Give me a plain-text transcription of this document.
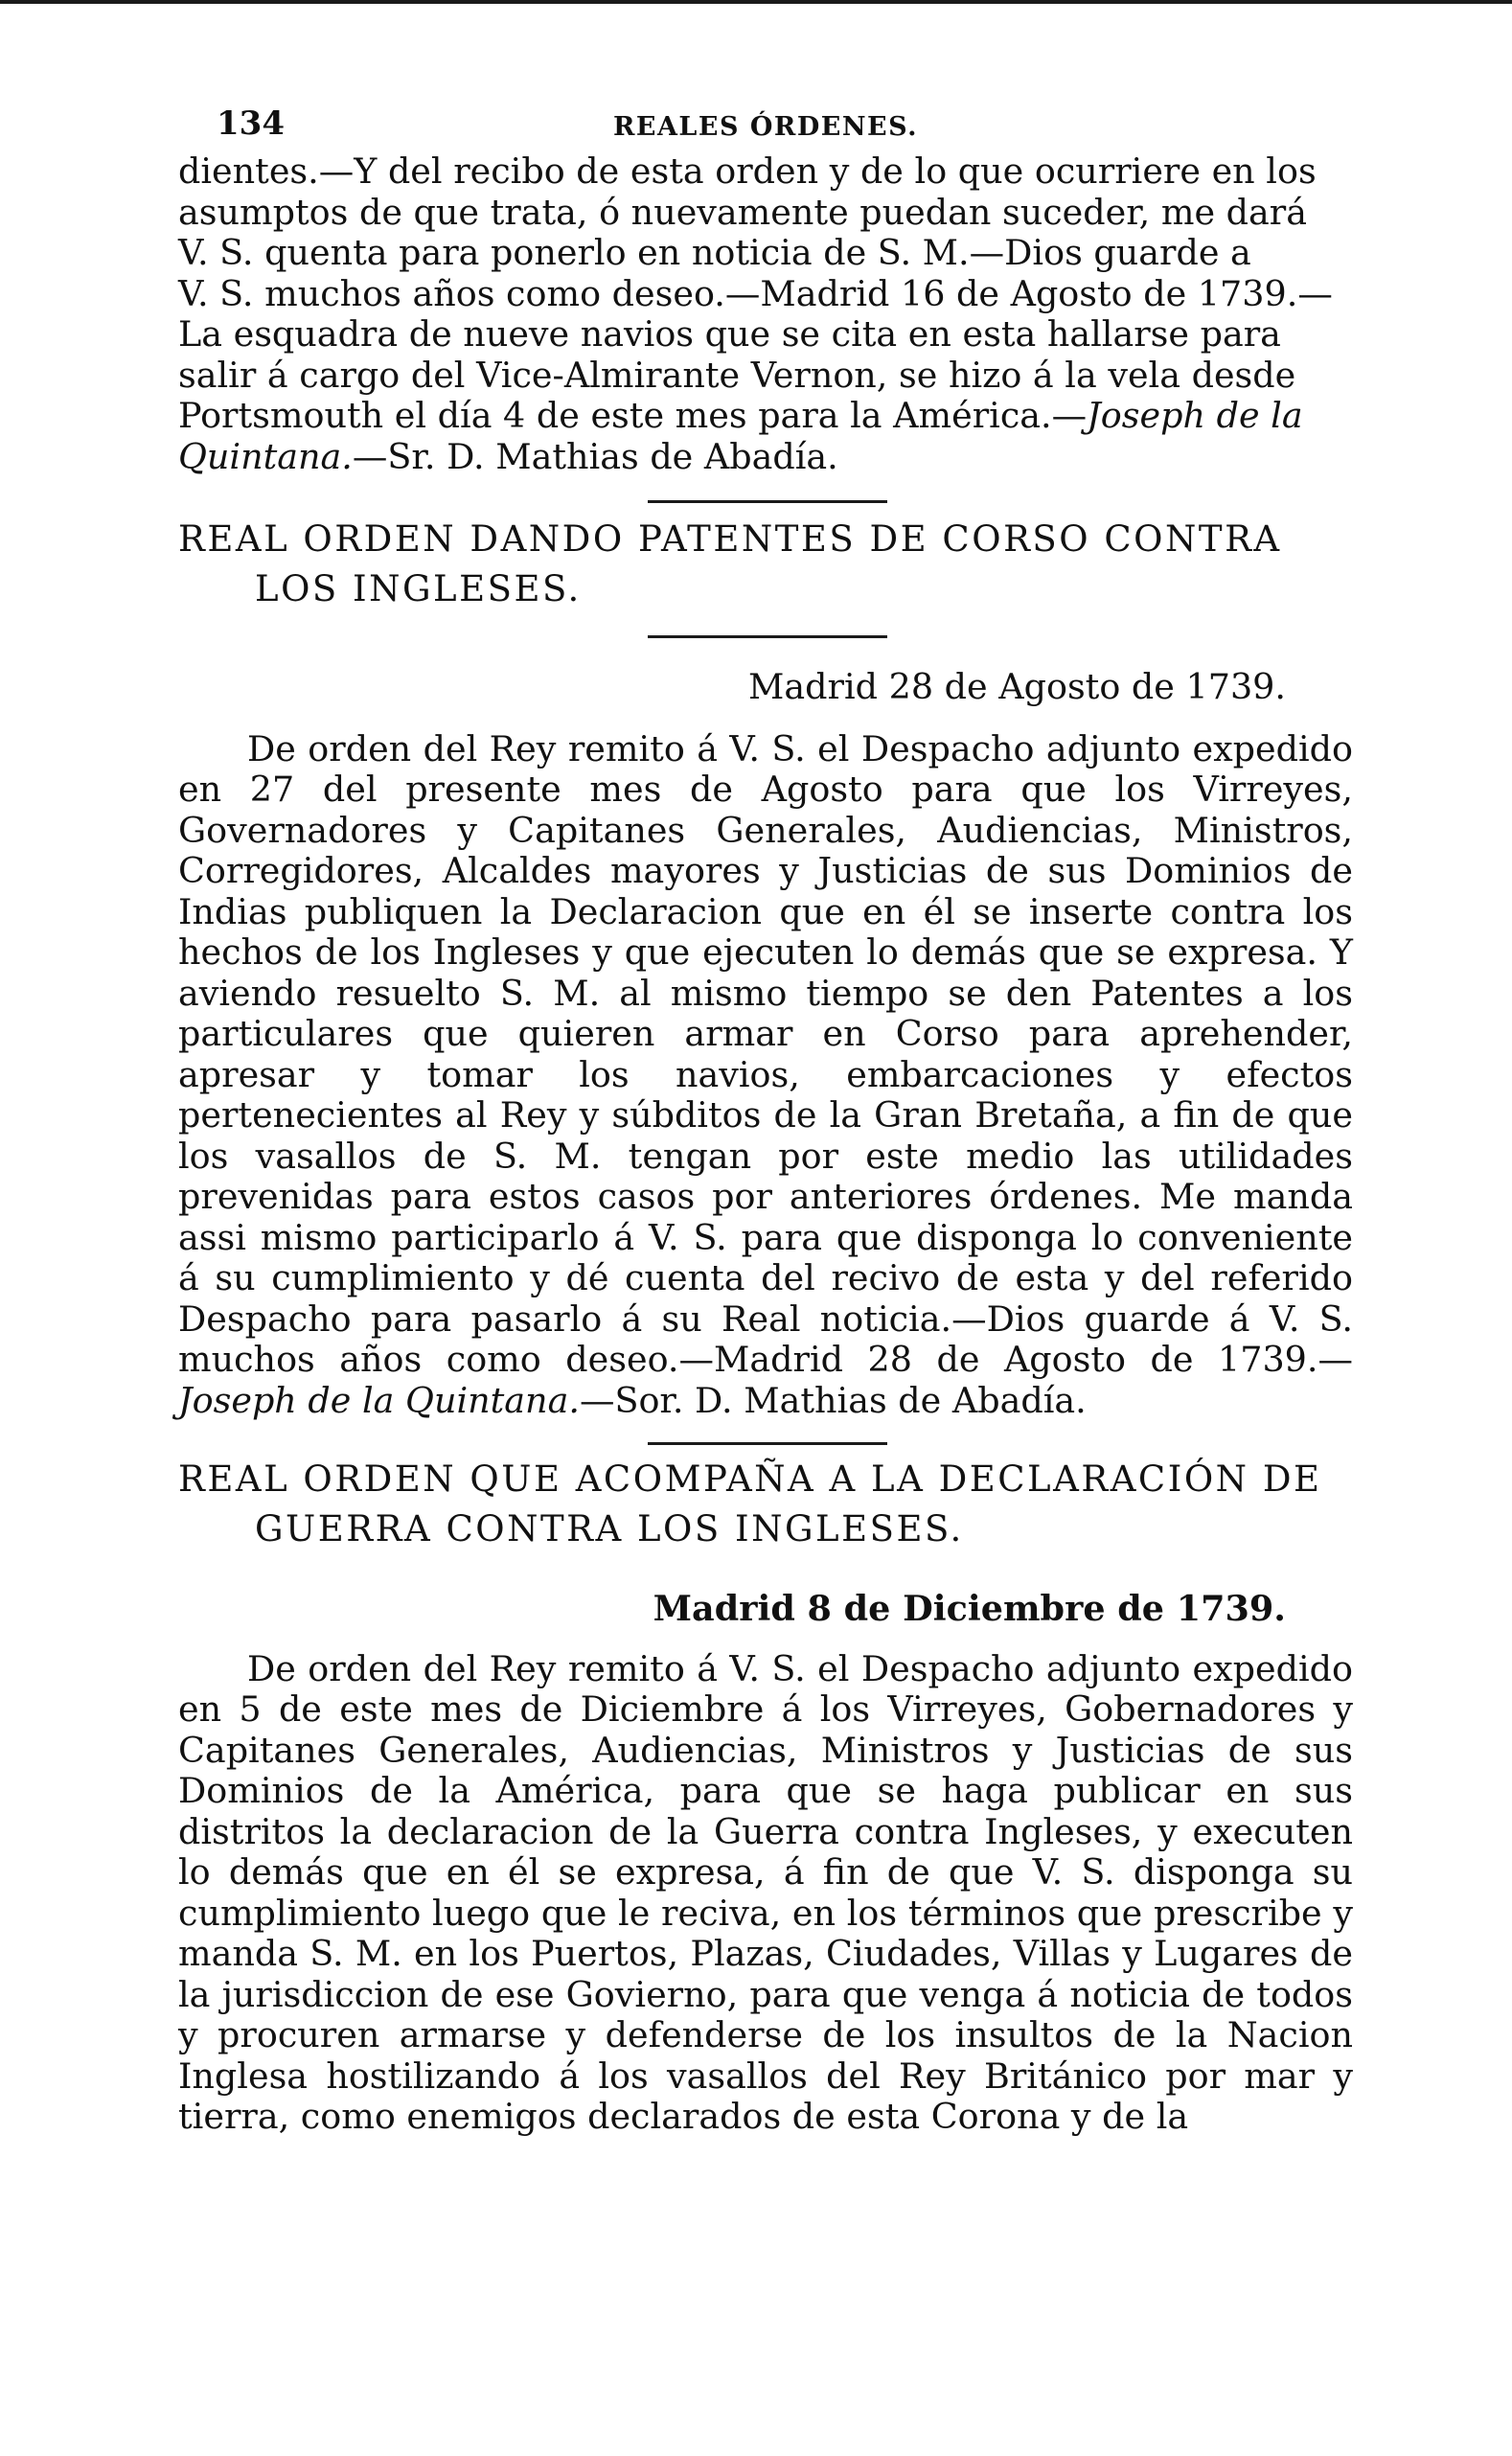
134	REALES ÓRDENES.
dientes.—Y del recibo de esta orden y de lo que ocurriere en los
asumptos de que trata, ó nuevamente puedan suceder, me dará
V. S. quenta para ponerlo en noticia de S. M.—Dios guarde a
V. S. muchos años como deseo.—Madrid 16 de Agosto de 1739.—
La esquadra de nueve navios que se cita en esta hallarse para
salir á cargo del Vice-Almirante Vernon, se hizo á la vela desde
Portsmouth el día 4 de este mes para la América.—Joseph de la
Quintana.—Sr. D. Mathias de Abadía.
REAL ORDEN DANDO PATENTES DE CORSO CONTRA LOS INGLESES.
Madrid 28 de Agosto de 1739.

De orden del Rey remito á V. S. el Despacho adjunto expedido en 27 del presente mes de Agosto para que los Virreyes, Governadores y Capitanes Generales, Audiencias, Ministros, Corregidores, Alcaldes mayores y Justicias de sus Dominios de Indias publiquen la Declaracion que en él se inserte contra los hechos de los Ingleses y que ejecuten lo demás que se expresa. Y aviendo resuelto S. M. al mismo tiempo se den Patentes a los particulares que quieren armar en Corso para aprehender, apresar y tomar los navios, embarcaciones y efectos pertenecientes al Rey y súbditos de la Gran Bretaña, a fin de que los vasallos de S. M. tengan por este medio las utilidades prevenidas para estos casos por anteriores órdenes. Me manda assi mismo participarlo á V. S. para que disponga lo conveniente á su cumplimiento y dé cuenta del recivo de esta y del referido Despacho para pasarlo á su Real noticia.—Dios guarde á V. S. muchos años como deseo.—Madrid 28 de Agosto de 1739.— Joseph de la Quintana.—Sor. D. Mathias de Abadía.

REAL ORDEN QUE ACOMPAÑA A LA DECLARACIÓN DE GUERRA CONTRA LOS INGLESES.
Madrid 8 de Diciembre de 1739.

De orden del Rey remito á V. S. el Despacho adjunto expedido en 5 de este mes de Diciembre á los Virreyes, Gobernadores y Capitanes Generales, Audiencias, Ministros y Justicias de sus Dominios de la América, para que se haga publicar en sus distritos la declaracion de la Guerra contra Ingleses, y executen lo demás que en él se expresa, á fin de que V. S. disponga su cumplimiento luego que le reciva, en los términos que prescribe y manda S. M. en los Puertos, Plazas, Ciudades, Villas y Lugares de la jurisdiccion de ese Govierno, para que venga á noticia de todos y procuren armarse y defenderse de los insultos de la Nacion Inglesa hostilizando á los vasallos del Rey Británico por mar y tierra, como enemigos declarados de esta Corona y de la
